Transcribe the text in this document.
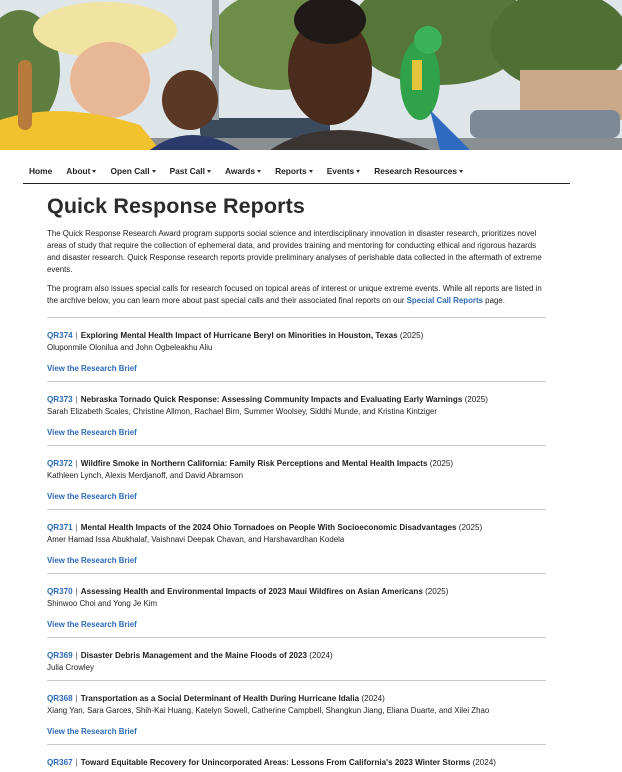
Home About Open Call Past Call Awards Reports Events Research Resources
Quick Response Reports

The Quick Response Research Award program supports social science and interdisciplinary innovation in disaster research, prioritizes novel areas of study that require the collection of ephemeral data, and provides training and mentoring for conducting ethical and rigorous hazards and disaster research. Quick Response research reports provide preliminary analyses of perishable data collected in the aftermath of extreme events.

The program also issues special calls for research focused on topical areas of interest or unique extreme events. While all reports are listed in the archive below, you can learn more about past special calls and their associated final reports on our Special Call Reports page.

QR374 | Exploring Mental Health Impact of Hurricane Beryl on Minorities in Houston, Texas (2025)
Oluponmile Olonilua and John Ogbeleakhu Aliu
View the Research Brief
QR373 | Nebraska Tornado Quick Response: Assessing Community Impacts and Evaluating Early Warnings (2025)
Sarah Elizabeth Scales, Christine Allmon, Rachael Birn, Summer Woolsey, Siddhi Munde, and Kristina Kintziger
View the Research Brief
QR372 | Wildfire Smoke in Northern California: Family Risk Perceptions and Mental Health Impacts (2025)
Kathleen Lynch, Alexis Merdjanoff, and David Abramson
View the Research Brief
QR371 | Mental Health Impacts of the 2024 Ohio Tornadoes on People With Socioeconomic Disadvantages (2025)
Amer Hamad Issa Abukhalaf, Vaishnavi Deepak Chavan, and Harshavardhan Kodela
View the Research Brief
QR370 | Assessing Health and Environmental Impacts of 2023 Maui Wildfires on Asian Americans (2025)
Shinwoo Choi and Yong Je Kim
View the Research Brief
QR369 | Disaster Debris Management and the Maine Floods of 2023 (2024)
Julia Crowley
QR368 | Transportation as a Social Determinant of Health During Hurricane Idalia (2024)
Xiang Yan, Sara Garces, Shih-Kai Huang, Katelyn Sowell, Catherine Campbell, Shangkun Jiang, Eliana Duarte, and Xilei Zhao
View the Research Brief
QR367 | Toward Equitable Recovery for Unincorporated Areas: Lessons From California's 2023 Winter Storms (2024)
